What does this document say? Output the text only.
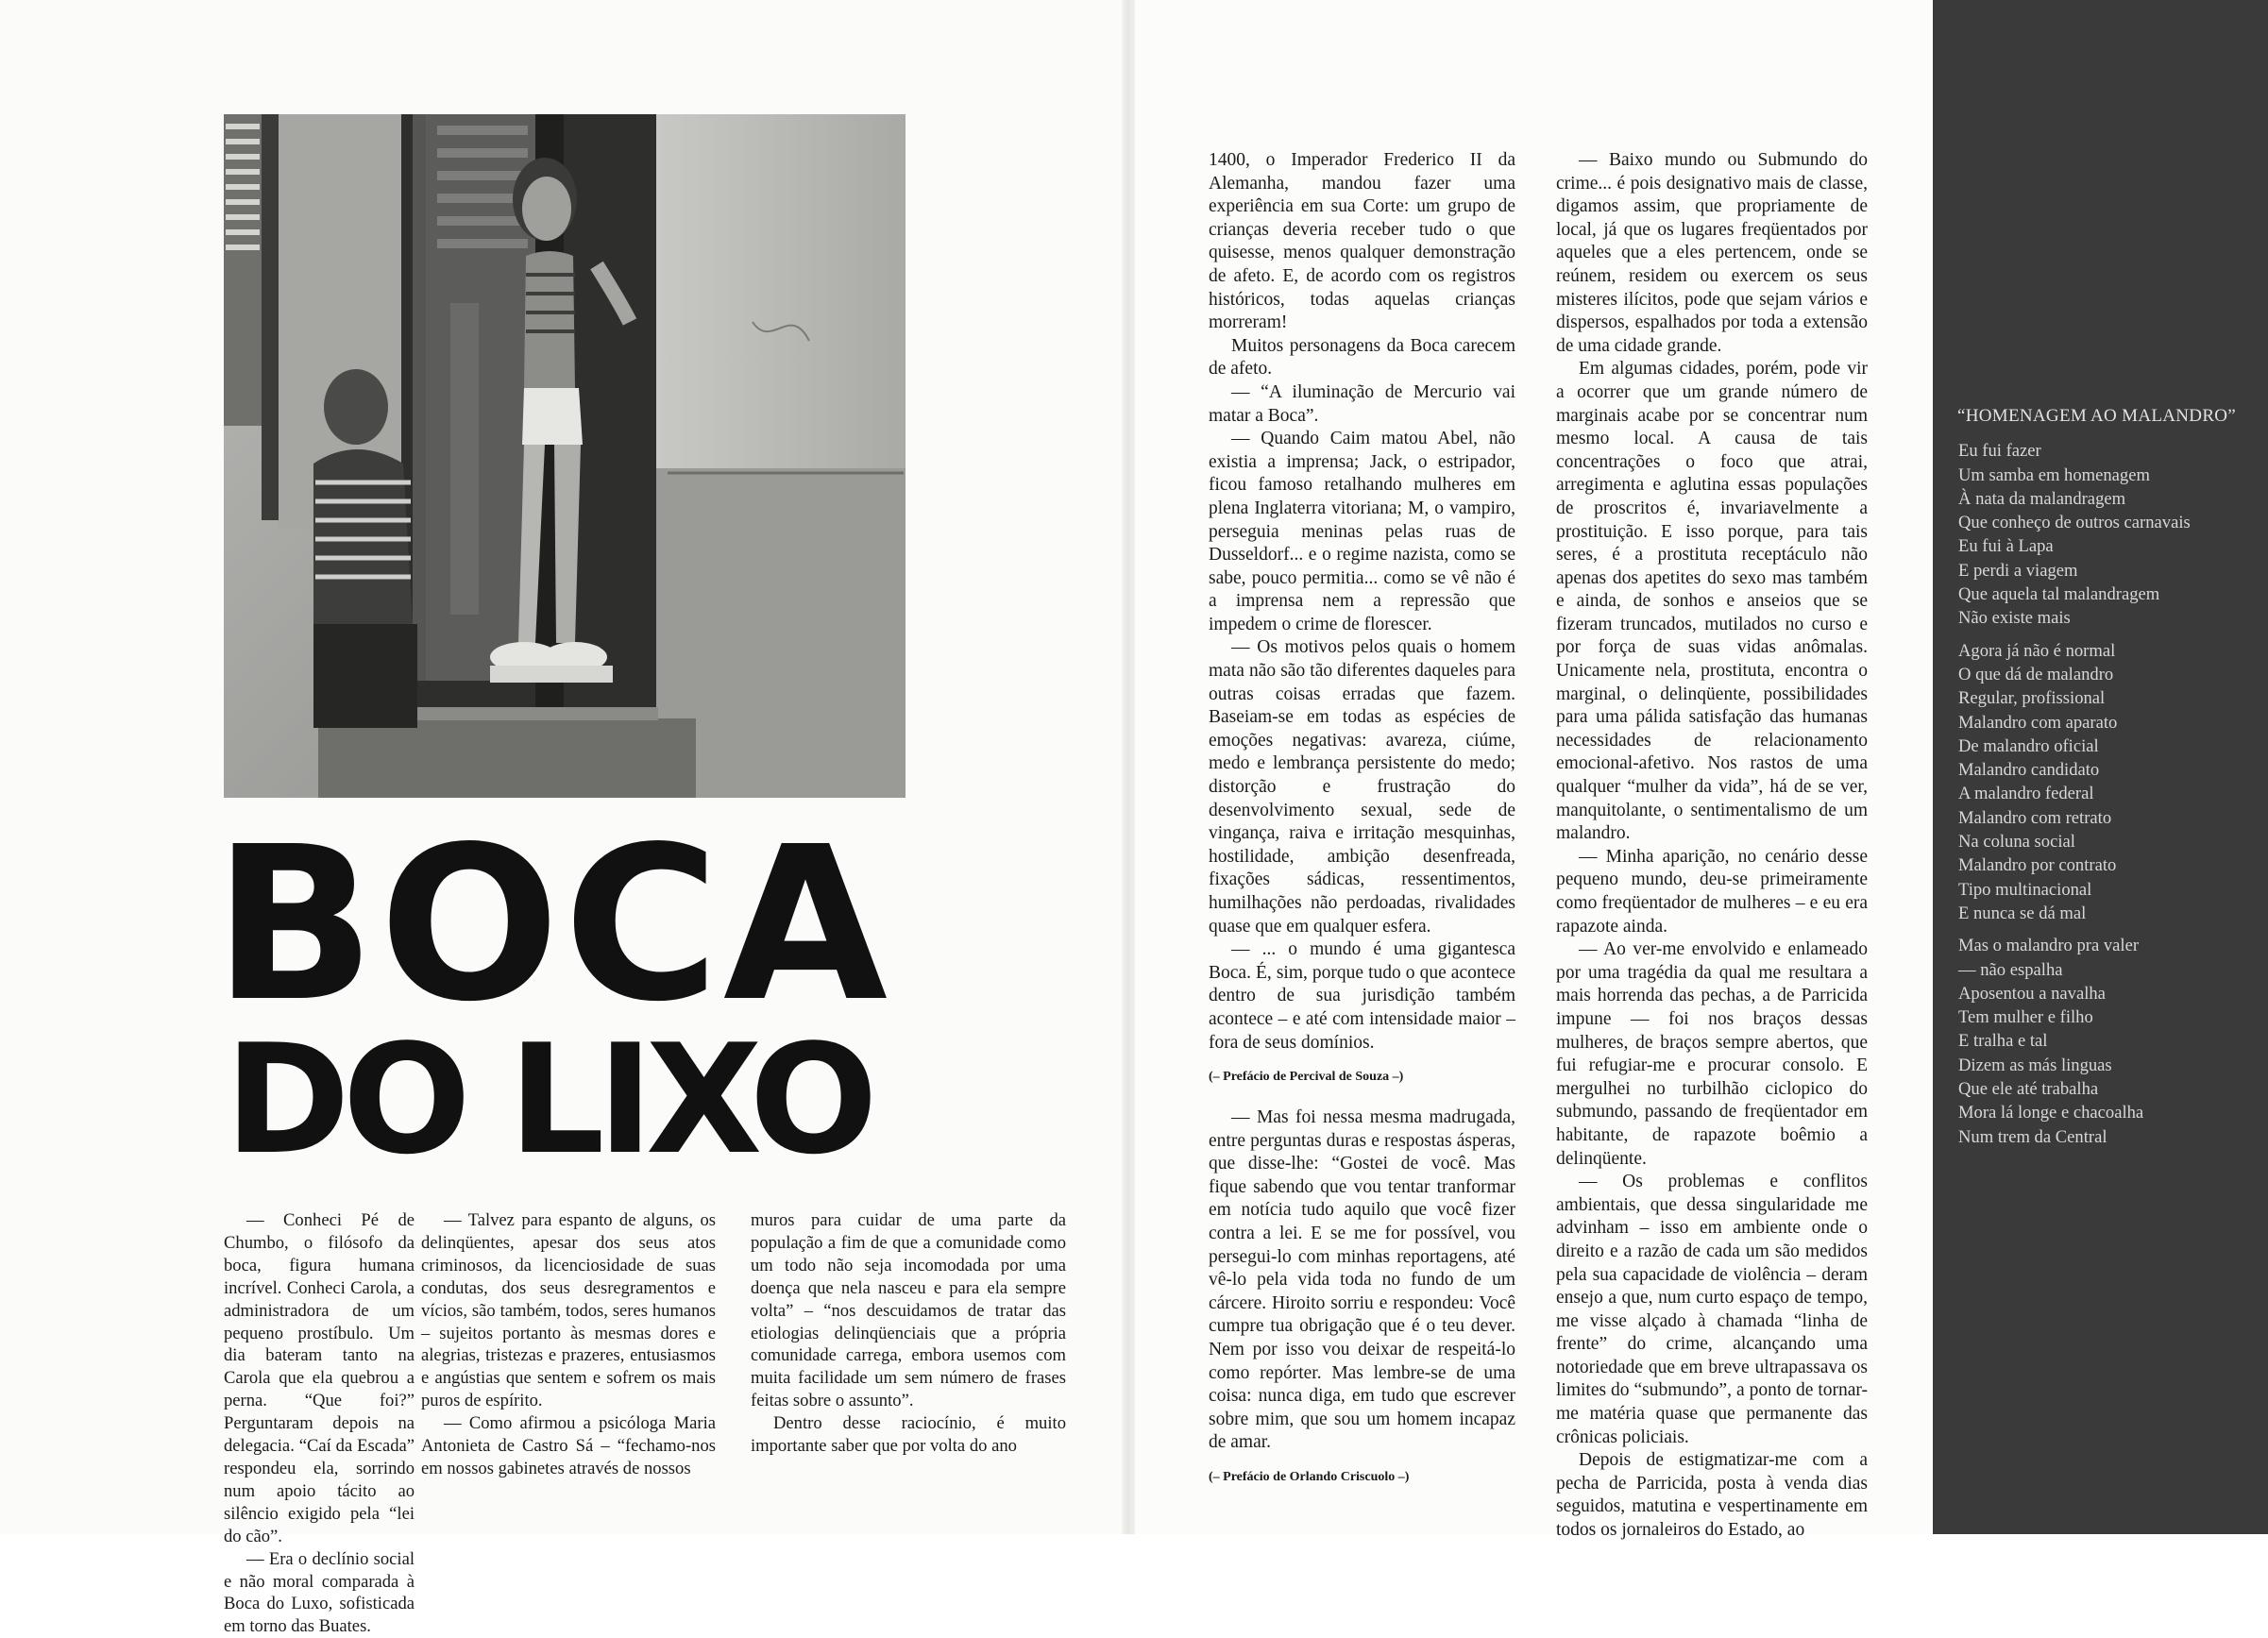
BOCA
DO LIXO

— Conheci Pé de Chumbo, o filósofo da boca, figura humana incrível. Conheci Carola, a administradora de um pequeno prostíbulo. Um dia bateram tanto na Carola que ela quebrou a perna. “Que foi?” Perguntaram depois na delegacia. “Caí da Escada” respondeu ela, sorrindo num apoio tácito ao silêncio exigido pela “lei do cão”.

— Era o declínio social e não moral comparada à Boca do Luxo, sofisticada em torno das Buates.

— Talvez para espanto de alguns, os delinqüentes, apesar dos seus atos criminosos, da licenciosidade de suas condutas, dos seus desregramentos e vícios, são também, todos, seres humanos – sujeitos portanto às mesmas dores e alegrias, tristezas e prazeres, entusiasmos e angústias que sentem e sofrem os mais puros de espírito.

— Como afirmou a psicóloga Maria Antonieta de Castro Sá – “fechamo-nos em nossos gabinetes através de nossos

muros para cuidar de uma parte da população a fim de que a comunidade como um todo não seja incomodada por uma doença que nela nasceu e para ela sempre volta” – “nos descuidamos de tratar das etiologias delinqüenciais que a própria comunidade carrega, embora usemos com muita facilidade um sem número de frases feitas sobre o assunto”.

Dentro desse raciocínio, é muito importante saber que por volta do ano

1400, o Imperador Frederico II da Alemanha, mandou fazer uma experiência em sua Corte: um grupo de crianças deveria receber tudo o que quisesse, menos qualquer demonstração de afeto. E, de acordo com os registros históricos, todas aquelas crianças morreram!

Muitos personagens da Boca carecem de afeto.

— “A iluminação de Mercurio vai matar a Boca”.

— Quando Caim matou Abel, não existia a imprensa; Jack, o estripador, ficou famoso retalhando mulheres em plena Inglaterra vitoriana; M, o vampiro, perseguia meninas pelas ruas de Dusseldorf... e o regime nazista, como se sabe, pouco permitia... como se vê não é a imprensa nem a repressão que impedem o crime de florescer.

— Os motivos pelos quais o homem mata não são tão diferentes daqueles para outras coisas erradas que fazem. Baseiam-se em todas as espécies de emoções negativas: avareza, ciúme, medo e lembrança persistente do medo; distorção e frustração do desenvolvimento sexual, sede de vingança, raiva e irritação mesquinhas, hostilidade, ambição desenfreada, fixações sádicas, ressentimentos, humilhações não perdoadas, rivalidades quase que em qualquer esfera.

— ... o mundo é uma gigantesca Boca. É, sim, porque tudo o que acontece dentro de sua jurisdição também acontece – e até com intensidade maior – fora de seus domínios.

(– Prefácio de Percival de Souza –)

— Mas foi nessa mesma madrugada, entre perguntas duras e respostas ásperas, que disse-lhe: “Gostei de você. Mas fique sabendo que vou tentar tranformar em notícia tudo aquilo que você fizer contra a lei. E se me for possível, vou persegui-lo com minhas reportagens, até vê-lo pela vida toda no fundo de um cárcere. Hiroito sorriu e respondeu: Você cumpre tua obrigação que é o teu dever. Nem por isso vou deixar de respeitá-lo como repórter. Mas lembre-se de uma coisa: nunca diga, em tudo que escrever sobre mim, que sou um homem incapaz de amar.

(– Prefácio de Orlando Criscuolo –)

— Baixo mundo ou Submundo do crime... é pois designativo mais de classe, digamos assim, que propriamente de local, já que os lugares freqüentados por aqueles que a eles pertencem, onde se reúnem, residem ou exercem os seus misteres ilícitos, pode que sejam vários e dispersos, espalhados por toda a extensão de uma cidade grande.

Em algumas cidades, porém, pode vir a ocorrer que um grande número de marginais acabe por se concentrar num mesmo local. A causa de tais concentrações o foco que atrai, arregimenta e aglutina essas populações de proscritos é, invariavelmente a prostituição. E isso porque, para tais seres, é a prostituta receptáculo não apenas dos apetites do sexo mas também e ainda, de sonhos e anseios que se fizeram truncados, mutilados no curso e por força de suas vidas anômalas. Unicamente nela, prostituta, encontra o marginal, o delinqüente, possibilidades para uma pálida satisfação das humanas necessidades de relacionamento emocional-afetivo. Nos rastos de uma qualquer “mulher da vida”, há de se ver, manquitolante, o sentimentalismo de um malandro.

— Minha aparição, no cenário desse pequeno mundo, deu-se primeiramente como freqüentador de mulheres – e eu era rapazote ainda.

— Ao ver-me envolvido e enlameado por uma tragédia da qual me resultara a mais horrenda das pechas, a de Parricida impune — foi nos braços dessas mulheres, de braços sempre abertos, que fui refugiar-me e procurar consolo. E mergulhei no turbilhão ciclopico do submundo, passando de freqüentador em habitante, de rapazote boêmio a delinqüente.

— Os problemas e conflitos ambientais, que dessa singularidade me advinham – isso em ambiente onde o direito e a razão de cada um são medidos pela sua capacidade de violência – deram ensejo a que, num curto espaço de tempo, me visse alçado à chamada “linha de frente” do crime, alcançando uma notoriedade que em breve ultrapassava os limites do “submundo”, a ponto de tornar-me matéria quase que permanente das crônicas policiais.

Depois de estigmatizar-me com a pecha de Parricida, posta à venda dias seguidos, matutina e vespertinamente em todos os jornaleiros do Estado, ao

“HOMENAGEM AO MALANDRO”
Eu fui fazer
Um samba em homenagem
À nata da malandragem
Que conheço de outros carnavais
Eu fui à Lapa
E perdi a viagem
Que aquela tal malandragem
Não existe mais
Agora já não é normal
O que dá de malandro
Regular, profissional
Malandro com aparato
De malandro oficial
Malandro candidato
A malandro federal
Malandro com retrato
Na coluna social
Malandro por contrato
Tipo multinacional
E nunca se dá mal
Mas o malandro pra valer
— não espalha
Aposentou a navalha
Tem mulher e filho
E tralha e tal
Dizem as más linguas
Que ele até trabalha
Mora lá longe e chacoalha
Num trem da Central
